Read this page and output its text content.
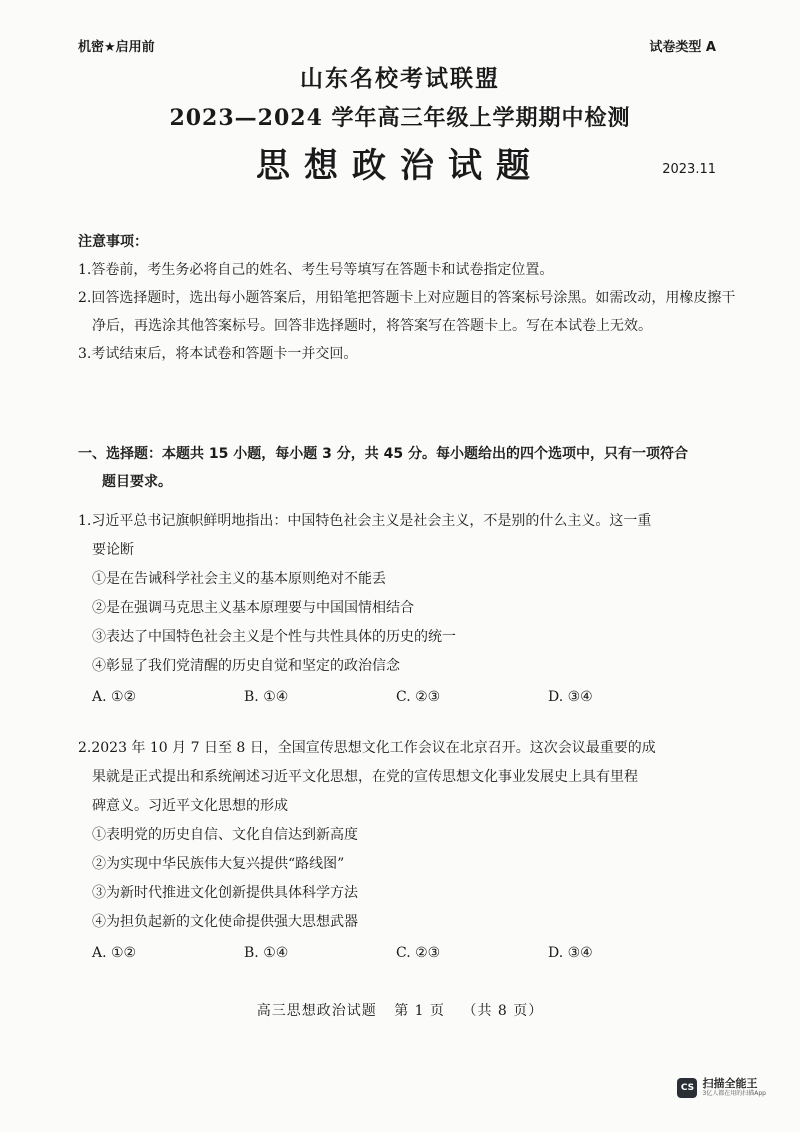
机密★启用前	试卷类型 A
山东名校考试联盟
2023—2024 学年高三年级上学期期中检测
思想政治试题	2023.11
注意事项：
1.答卷前，考生务必将自己的姓名、考生号等填写在答题卡和试卷指定位置。
2.回答选择题时，选出每小题答案后，用铅笔把答题卡上对应题目的答案标号涂黑。如需改动，用橡皮擦干净后，再选涂其他答案标号。回答非选择题时，将答案写在答题卡上。写在本试卷上无效。
3.考试结束后，将本试卷和答题卡一并交回。
一、选择题：本题共 15 小题，每小题 3 分，共 45 分。每小题给出的四个选项中，只有一项符合
题目要求。
1.习近平总书记旗帜鲜明地指出：中国特色社会主义是社会主义，不是别的什么主义。这一重
要论断
①是在告诫科学社会主义的基本原则绝对不能丢
②是在强调马克思主义基本原理要与中国国情相结合
③表达了中国特色社会主义是个性与共性具体的历史的统一
④彰显了我们党清醒的历史自觉和坚定的政治信念
A. ①②	B. ①④	C. ②③	D. ③④
2.2023 年 10 月 7 日至 8 日，全国宣传思想文化工作会议在北京召开。这次会议最重要的成
果就是正式提出和系统阐述习近平文化思想，在党的宣传思想文化事业发展史上具有里程
碑意义。习近平文化思想的形成
①表明党的历史自信、文化自信达到新高度
②为实现中华民族伟大复兴提供“路线图”
③为新时代推进文化创新提供具体科学方法
④为担负起新的文化使命提供强大思想武器
A. ①②	B. ①④	C. ②③	D. ③④
高三思想政治试题 第 1 页 （共 8 页）
CS 扫描全能王
3亿人都在用的扫描App
